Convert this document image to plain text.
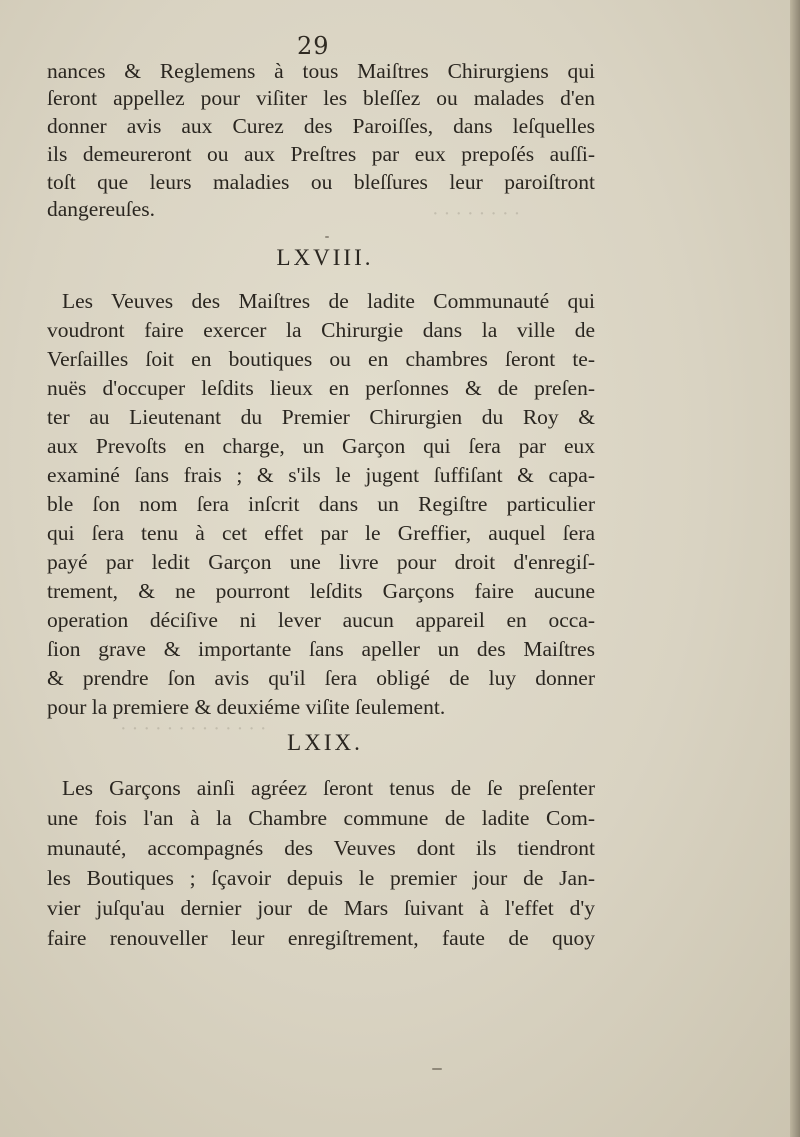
· · · · · · · ·
· · · · · · · · · · · · ·
29
nances & Reglemens à tous Maiſtres Chirurgiens qui
ſeront appellez pour viſiter les bleſſez ou malades d'en
donner avis aux Curez des Paroiſſes, dans leſquelles
ils demeureront ou aux Preſtres par eux prepoſés auſſi-
toſt que leurs maladies ou bleſſures leur paroiſtront
dangereuſes.
LXVIII.
Les Veuves des Maiſtres de ladite Communauté qui
voudront faire exercer la Chirurgie dans la ville de
Verſailles ſoit en boutiques ou en chambres ſeront te-
nuës d'occuper leſdits lieux en perſonnes & de preſen-
ter au Lieutenant du Premier Chirurgien du Roy &
aux Prevoſts en charge, un Garçon qui ſera par eux
examiné ſans frais ; & s'ils le jugent ſuffiſant & capa-
ble ſon nom ſera inſcrit dans un Regiſtre particulier
qui ſera tenu à cet effet par le Greffier, auquel ſera
payé par ledit Garçon une livre pour droit d'enregiſ-
trement, & ne pourront leſdits Garçons faire aucune
operation déciſive ni lever aucun appareil en occa-
ſion grave & importante ſans apeller un des Maiſtres
& prendre ſon avis qu'il ſera obligé de luy donner
pour la premiere & deuxiéme viſite ſeulement.
LXIX.
Les Garçons ainſi agréez ſeront tenus de ſe preſenter
une fois l'an à la Chambre commune de ladite Com-
munauté, accompagnés des Veuves dont ils tiendront
les Boutiques ; ſçavoir depuis le premier jour de Jan-
vier juſqu'au dernier jour de Mars ſuivant à l'effet d'y
faire renouveller leur enregiſtrement, faute de quoy
